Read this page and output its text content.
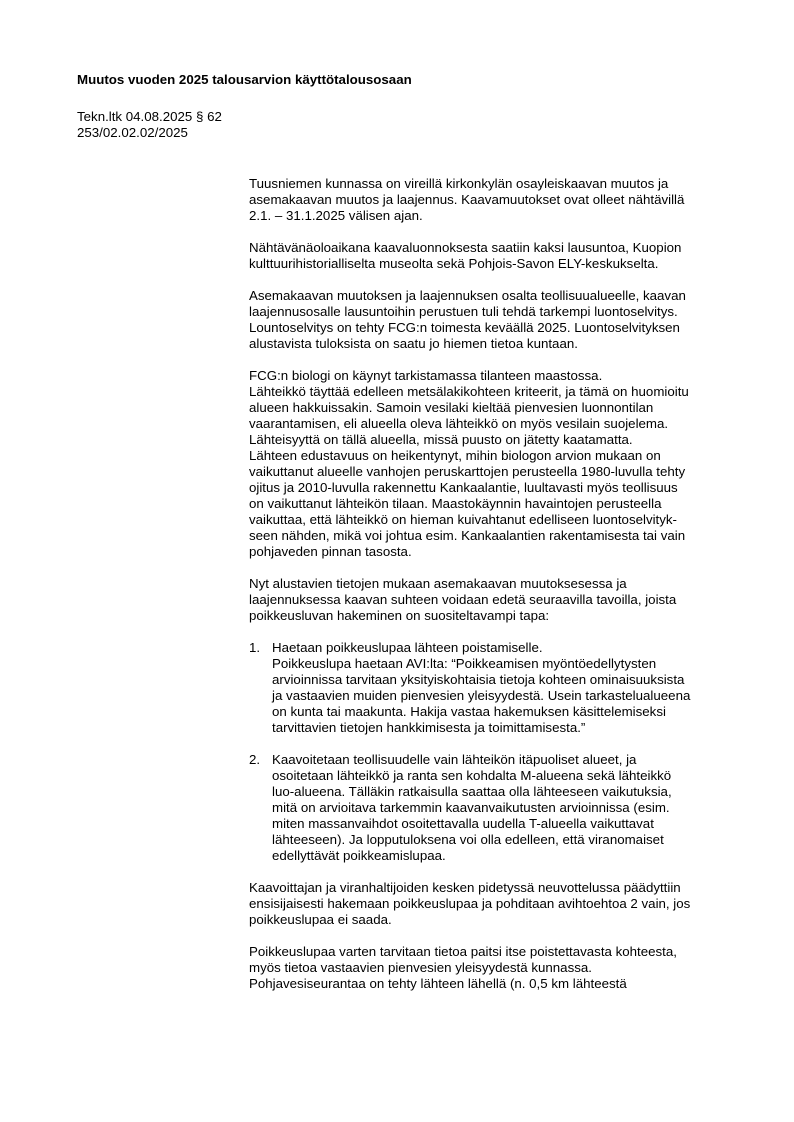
Muutos vuoden 2025 talousarvion käyttötalousosaan
Tekn.ltk 04.08.2025 § 62
253/02.02.02/2025
Tuusniemen kunnassa on vireillä kirkonkylän osayleiskaavan muutos ja
asemakaavan muutos ja laajennus. Kaavamuutokset ovat olleet nähtävillä
2.1. – 31.1.2025 välisen ajan.
Nähtävänäoloaikana kaavaluonnoksesta saatiin kaksi lausuntoa, Kuopion
kulttuurihistorialliselta museolta sekä Pohjois-Savon ELY-keskukselta.
Asemakaavan muutoksen ja laajennuksen osalta teollisuualueelle, kaavan
laajennusosalle lausuntoihin perustuen tuli tehdä tarkempi luontoselvitys.
Lountoselvitys on tehty FCG:n toimesta keväällä 2025. Luontoselvityksen
alustavista tuloksista on saatu jo hiemen tietoa kuntaan.
FCG:n biologi on käynyt tarkistamassa tilanteen maastossa.
Lähteikkö täyttää edelleen metsälakikohteen kriteerit, ja tämä on huomioitu
alueen hakkuissakin. Samoin vesilaki kieltää pienvesien luonnontilan
vaarantamisen, eli alueella oleva lähteikkö on myös vesilain suojelema.
Lähteisyyttä on tällä alueella, missä puusto on jätetty kaatamatta.
Lähteen edustavuus on heikentynyt, mihin biologon arvion mukaan on
vaikuttanut alueelle vanhojen peruskarttojen perusteella 1980-luvulla tehty
ojitus ja 2010-luvulla rakennettu Kankaalantie, luultavasti myös teollisuus
on vaikuttanut lähteikön tilaan. Maastokäynnin havaintojen perusteella
vaikuttaa, että lähteikkö on hieman kuivahtanut edelliseen luontoselvityk-
seen nähden, mikä voi johtua esim. Kankaalantien rakentamisesta tai vain
pohjaveden pinnan tasosta.
Nyt alustavien tietojen mukaan asemakaavan muutoksesessa ja
laajennuksessa kaavan suhteen voidaan edetä seuraavilla tavoilla, joista
poikkeusluvan hakeminen on suositeltavampi tapa:
1. Haetaan poikkeuslupaa lähteen poistamiselle.
Poikkeuslupa haetaan AVI:lta: “Poikkeamisen myöntöedellytysten
arvioinnissa tarvitaan yksityiskohtaisia tietoja kohteen ominaisuuksista
ja vastaavien muiden pienvesien yleisyydestä. Usein tarkastelualueena
on kunta tai maakunta. Hakija vastaa hakemuksen käsittelemiseksi
tarvittavien tietojen hankkimisesta ja toimittamisesta.”
2. Kaavoitetaan teollisuudelle vain lähteikön itäpuoliset alueet, ja
osoitetaan lähteikkö ja ranta sen kohdalta M-alueena sekä lähteikkö
luo-alueena. Tälläkin ratkaisulla saattaa olla lähteeseen vaikutuksia,
mitä on arvioitava tarkemmin kaavanvaikutusten arvioinnissa (esim.
miten massanvaihdot osoitettavalla uudella T-alueella vaikuttavat
lähteeseen). Ja lopputuloksena voi olla edelleen, että viranomaiset
edellyttävät poikkeamislupaa.
Kaavoittajan ja viranhaltijoiden kesken pidetyssä neuvottelussa päädyttiin
ensisijaisesti hakemaan poikkeuslupaa ja pohditaan avihtoehtoa 2 vain, jos
poikkeuslupaa ei saada.
Poikkeuslupaa varten tarvitaan tietoa paitsi itse poistettavasta kohteesta,
myös tietoa vastaavien pienvesien yleisyydestä kunnassa.
Pohjavesiseurantaa on tehty lähteen lähellä (n. 0,5 km lähteestä
